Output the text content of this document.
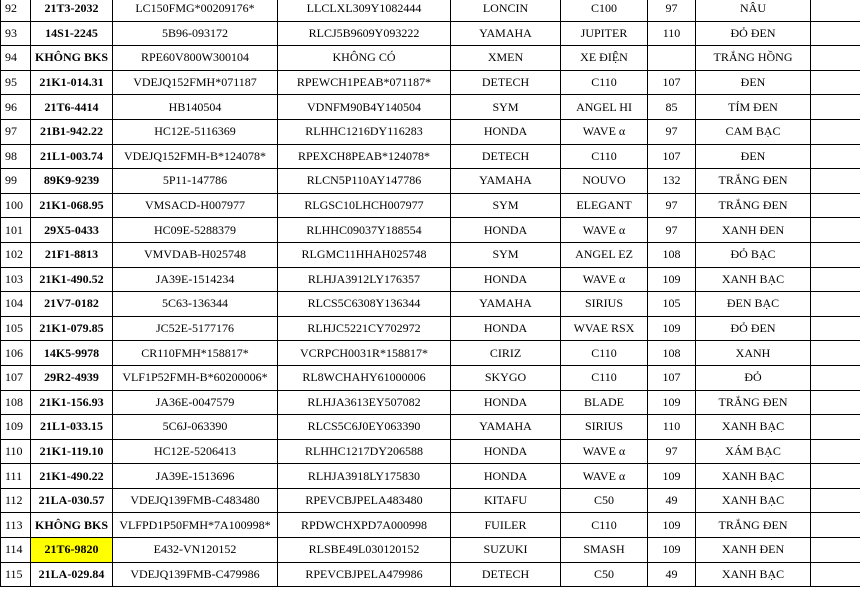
92	21T3-2032	LC150FMG*00209176*	LLCLXL309Y1082444	LONCIN	C100	97	NÂU	
93	14S1-2245	5B96-093172	RLCJ5B9609Y093222	YAMAHA	JUPITER	110	ĐỎ ĐEN	
94	KHÔNG BKS	RPE60V800W300104	KHÔNG CÓ	XMEN	XE ĐIỆN		TRẮNG HỒNG	
95	21K1-014.31	VDEJQ152FMH*071187	RPEWCH1PEAB*071187*	DETECH	C110	107	ĐEN	
96	21T6-4414	HB140504	VDNFM90B4Y140504	SYM	ANGEL HI	85	TÍM ĐEN	
97	21B1-942.22	HC12E-5116369	RLHHC1216DY116283	HONDA	WAVE α	97	CAM BẠC	
98	21L1-003.74	VDEJQ152FMH-B*124078*	RPEXCH8PEAB*124078*	DETECH	C110	107	ĐEN	
99	89K9-9239	5P11-147786	RLCN5P110AY147786	YAMAHA	NOUVO	132	TRẮNG ĐEN	
100	21K1-068.95	VMSACD-H007977	RLGSC10LHCH007977	SYM	ELEGANT	97	TRẮNG ĐEN	
101	29X5-0433	HC09E-5288379	RLHHC09037Y188554	HONDA	WAVE α	97	XANH ĐEN	
102	21F1-8813	VMVDAB-H025748	RLGMC11HHAH025748	SYM	ANGEL EZ	108	ĐỎ BẠC	
103	21K1-490.52	JA39E-1514234	RLHJA3912LY176357	HONDA	WAVE α	109	XANH BẠC	
104	21V7-0182	5C63-136344	RLCS5C6308Y136344	YAMAHA	SIRIUS	105	ĐEN BẠC	
105	21K1-079.85	JC52E-5177176	RLHJC5221CY702972	HONDA	WVAE RSX	109	ĐỎ ĐEN	
106	14K5-9978	CR110FMH*158817*	VCRPCH0031R*158817*	CIRIZ	C110	108	XANH	
107	29R2-4939	VLF1P52FMH-B*60200006*	RL8WCHAHY61000006	SKYGO	C110	107	ĐỎ	
108	21K1-156.93	JA36E-0047579	RLHJA3613EY507082	HONDA	BLADE	109	TRẮNG ĐEN	
109	21L1-033.15	5C6J-063390	RLCS5C6J0EY063390	YAMAHA	SIRIUS	110	XANH BẠC	
110	21K1-119.10	HC12E-5206413	RLHHC1217DY206588	HONDA	WAVE α	97	XÁM BẠC	
111	21K1-490.22	JA39E-1513696	RLHJA3918LY175830	HONDA	WAVE α	109	XANH BẠC	
112	21LA-030.57	VDEJQ139FMB-C483480	RPEVCBJPELA483480	KITAFU	C50	49	XANH BẠC	
113	KHÔNG BKS	VLFPD1P50FMH*7A100998*	RPDWCHXPD7A000998	FUILER	C110	109	TRẮNG ĐEN	
114	21T6-9820	E432-VN120152	RLSBE49L030120152	SUZUKI	SMASH	109	XANH ĐEN	
115	21LA-029.84	VDEJQ139FMB-C479986	RPEVCBJPELA479986	DETECH	C50	49	XANH BẠC	
